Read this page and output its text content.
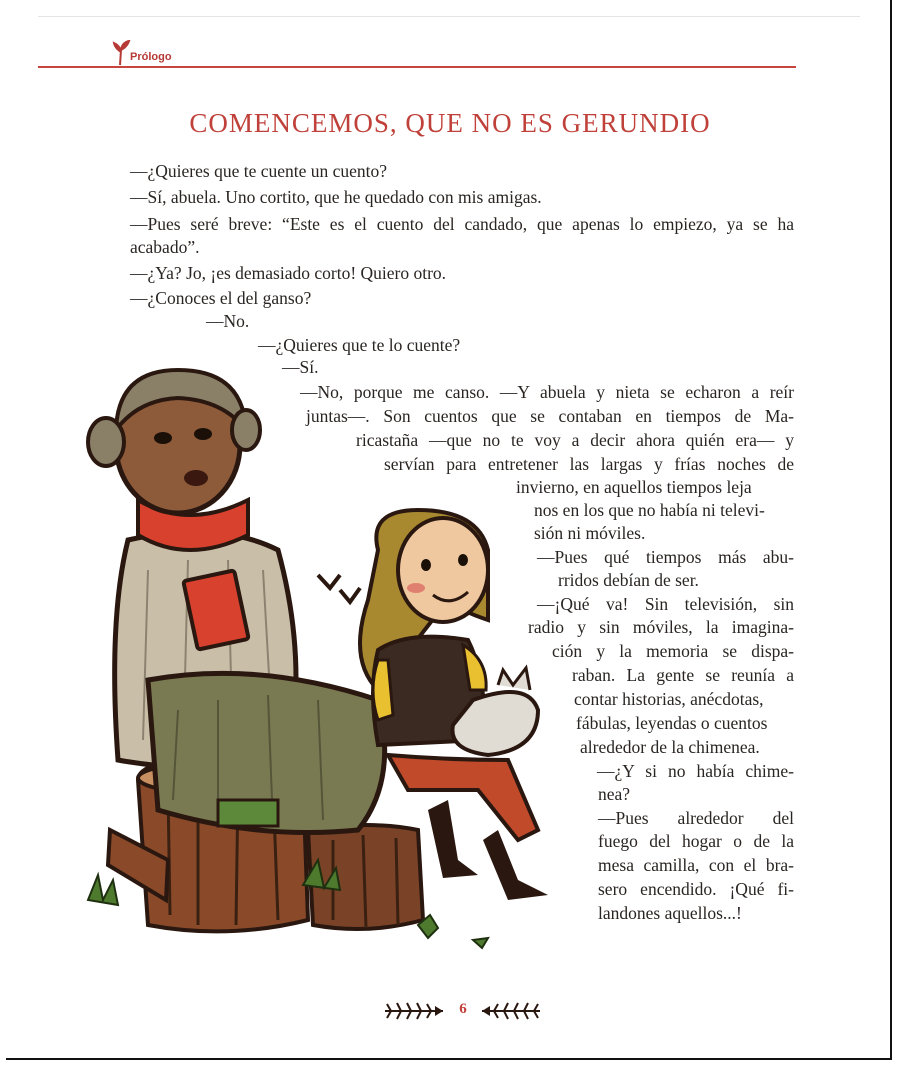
Prólogo
COMENCEMOS, QUE NO ES GERUNDIO
—¿Quieres que te cuente un cuento?
—Sí, abuela. Uno cortito, que he quedado con mis amigas.
—Pues seré breve: “Este es el cuento del candado, que apenas lo empiezo, ya se ha
acabado”.
—¿Ya? Jo, ¡es demasiado corto! Quiero otro.
—¿Conoces el del ganso?
—No.
—¿Quieres que te lo cuente?
—Sí.
—No, porque me canso. —Y abuela y nieta se echaron a reír
juntas—. Son cuentos que se contaban en tiempos de Ma-
ricastaña —que no te voy a decir ahora quién era— y
servían para entretener las largas y frías noches de
invierno, en aquellos tiempos leja
nos en los que no había ni televi-
sión ni móviles.
—Pues qué tiempos más abu-
rridos debían de ser.
—¡Qué va! Sin televisión, sin
radio y sin móviles, la imagina-
ción y la memoria se dispa-
raban. La gente se reunía a
contar historias, anécdotas,
fábulas, leyendas o cuentos
alrededor de la chimenea.
—¿Y si no había chime-
nea?
—Pues alrededor del
fuego del hogar o de la
mesa camilla, con el bra-
sero encendido. ¡Qué fi-
landones aquellos...!
6
